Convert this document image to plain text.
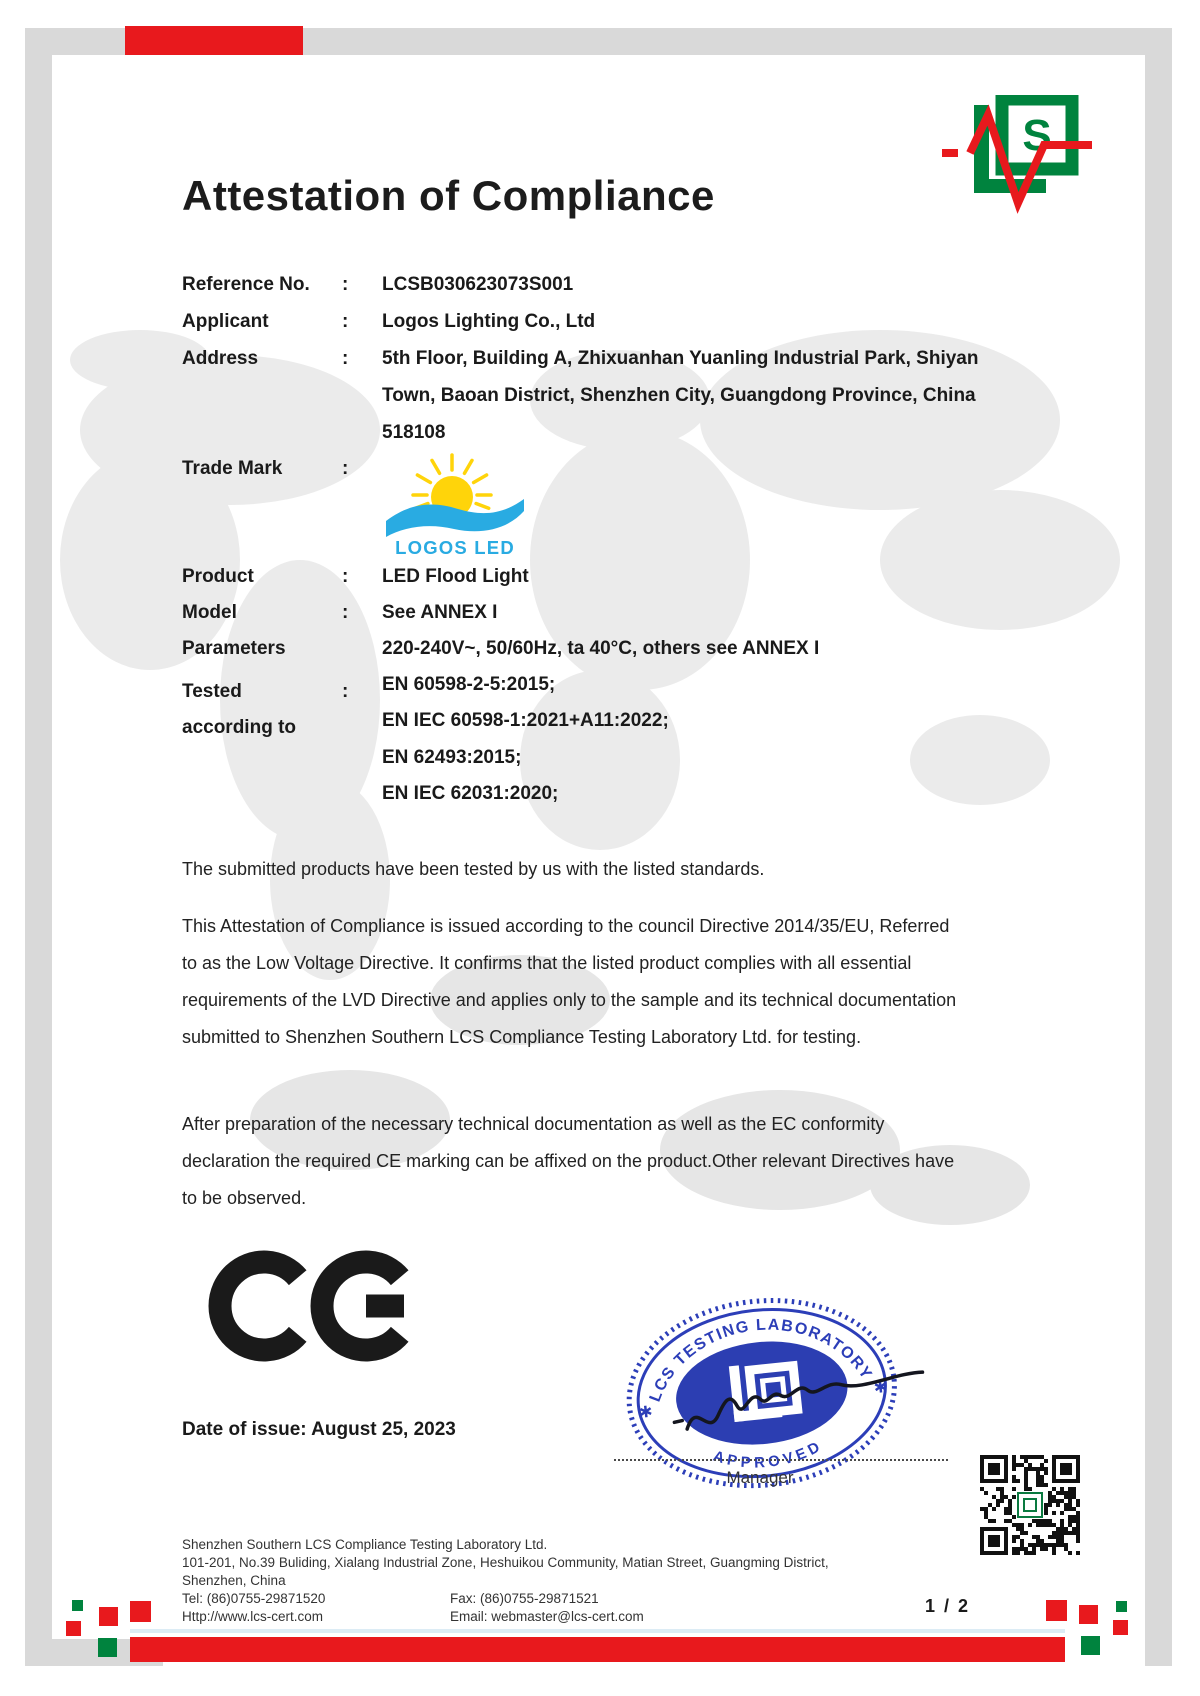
S
Attestation of Compliance
Reference No. : LCSB030623073S001
Applicant	: Logos Lighting Co., Ltd
Address	: 5th Floor, Building A, Zhixuanhan Yuanling Industrial Park, Shiyan
Town, Baoan District, Shenzhen City, Guangdong Province, China
518108
Trade Mark	:
LOGOS LED
Product	: LED Flood Light
Model	: See ANNEX I
Parameters	220-240V~, 50/60Hz, ta 40°C, others see ANNEX I
Tested	:
according to
EN 60598-2-5:2015;
EN IEC 60598-1:2021+A11:2022;
EN 62493:2015;
EN IEC 62031:2020;
The submitted products have been tested by us with the listed standards.
This Attestation of Compliance is issued according to the council Directive 2014/35/EU, Referred to as the Low Voltage Directive. It confirms that the listed product complies with all essential requirements of the LVD Directive and applies only to the sample and its technical documentation submitted to Shenzhen Southern LCS Compliance Testing Laboratory Ltd. for testing.
After preparation of the necessary technical documentation as well as the EC conformity declaration the required CE marking can be affixed on the product.Other relevant Directives have to be observed.
Date of issue: August 25, 2023
LCS TESTING LABORATORY
APPROVED
✱
✱
Manager
Shenzhen Southern LCS Compliance Testing Laboratory Ltd.
101-201, No.39 Buliding, Xialang Industrial Zone, Heshuikou Community, Matian Street, Guangming District,
Shenzhen, China
Tel: (86)0755-29871520	Fax: (86)0755-29871521
Http://www.lcs-cert.com	Email: webmaster@lcs-cert.com
1 / 2
